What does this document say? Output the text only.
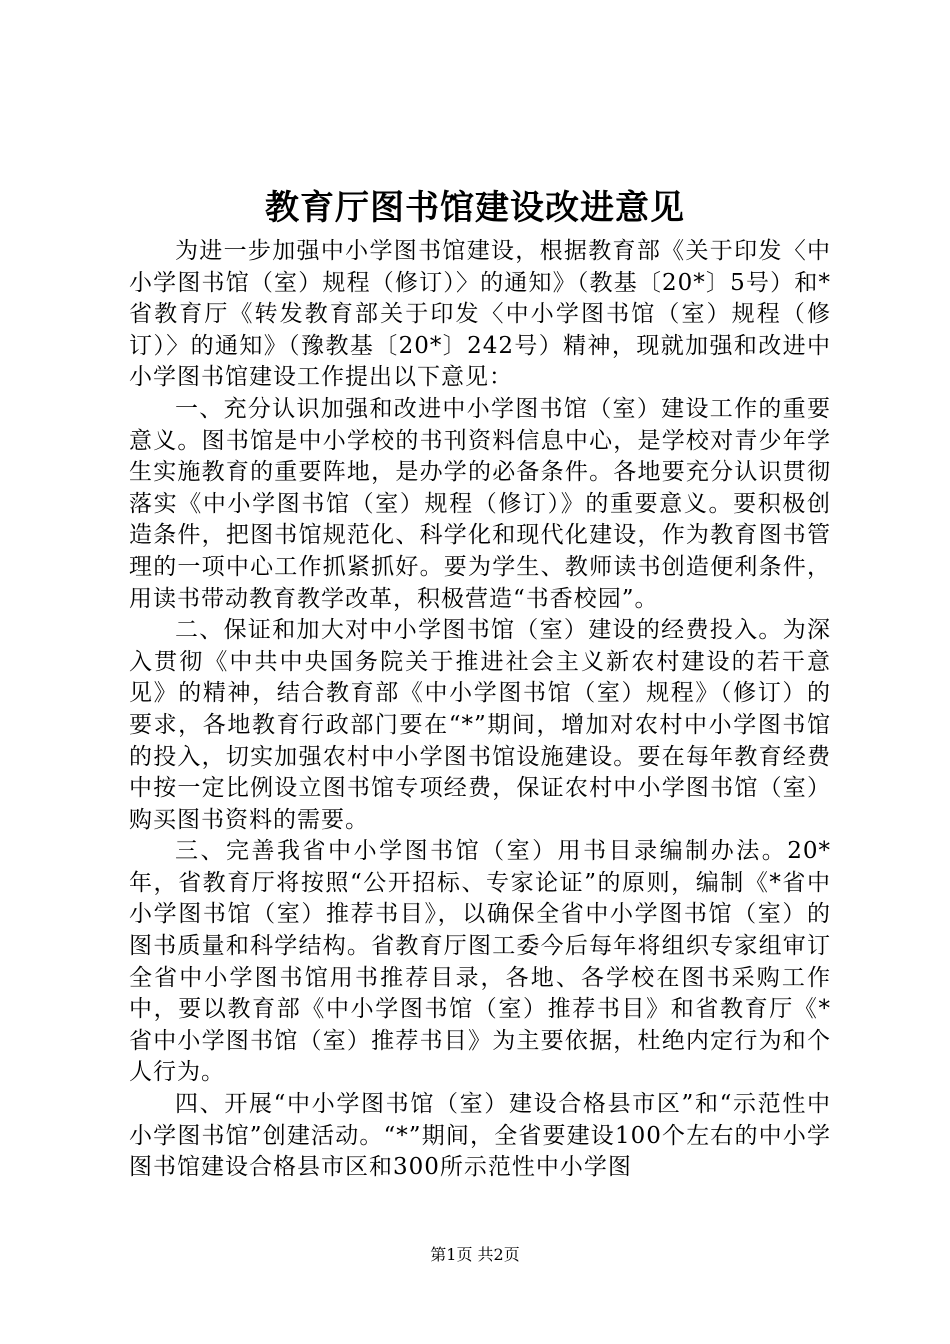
教育厅图书馆建设改进意见

为进一步加强中小学图书馆建设，根据教育部《关于印发〈中小学图书馆（室）规程（修订）〉的通知》（教基〔20*〕5号）和*省教育厅《转发教育部关于印发〈中小学图书馆（室）规程（修订）〉的通知》（豫教基〔20*〕242号）精神，现就加强和改进中小学图书馆建设工作提出以下意见：

一、充分认识加强和改进中小学图书馆（室）建设工作的重要意义。图书馆是中小学校的书刊资料信息中心，是学校对青少年学生实施教育的重要阵地，是办学的必备条件。各地要充分认识贯彻落实《中小学图书馆（室）规程（修订）》的重要意义。要积极创造条件，把图书馆规范化、科学化和现代化建设，作为教育图书管理的一项中心工作抓紧抓好。要为学生、教师读书创造便利条件，用读书带动教育教学改革，积极营造“书香校园”。

二、保证和加大对中小学图书馆（室）建设的经费投入。为深入贯彻《中共中央国务院关于推进社会主义新农村建设的若干意见》的精神，结合教育部《中小学图书馆（室）规程》（修订）的要求，各地教育行政部门要在“*”期间，增加对农村中小学图书馆的投入，切实加强农村中小学图书馆设施建设。要在每年教育经费中按一定比例设立图书馆专项经费，保证农村中小学图书馆（室）购买图书资料的需要。

三、完善我省中小学图书馆（室）用书目录编制办法。20*年，省教育厅将按照“公开招标、专家论证”的原则，编制《*省中小学图书馆（室）推荐书目》，以确保全省中小学图书馆（室）的图书质量和科学结构。省教育厅图工委今后每年将组织专家组审订全省中小学图书馆用书推荐目录，各地、各学校在图书采购工作中，要以教育部《中小学图书馆（室）推荐书目》和省教育厅《*省中小学图书馆（室）推荐书目》为主要依据，杜绝内定行为和个人行为。

四、开展“中小学图书馆（室）建设合格县市区”和“示范性中小学图书馆”创建活动。“*”期间，全省要建设100个左右的中小学图书馆建设合格县市区和300所示范性中小学图

第1页 共2页
